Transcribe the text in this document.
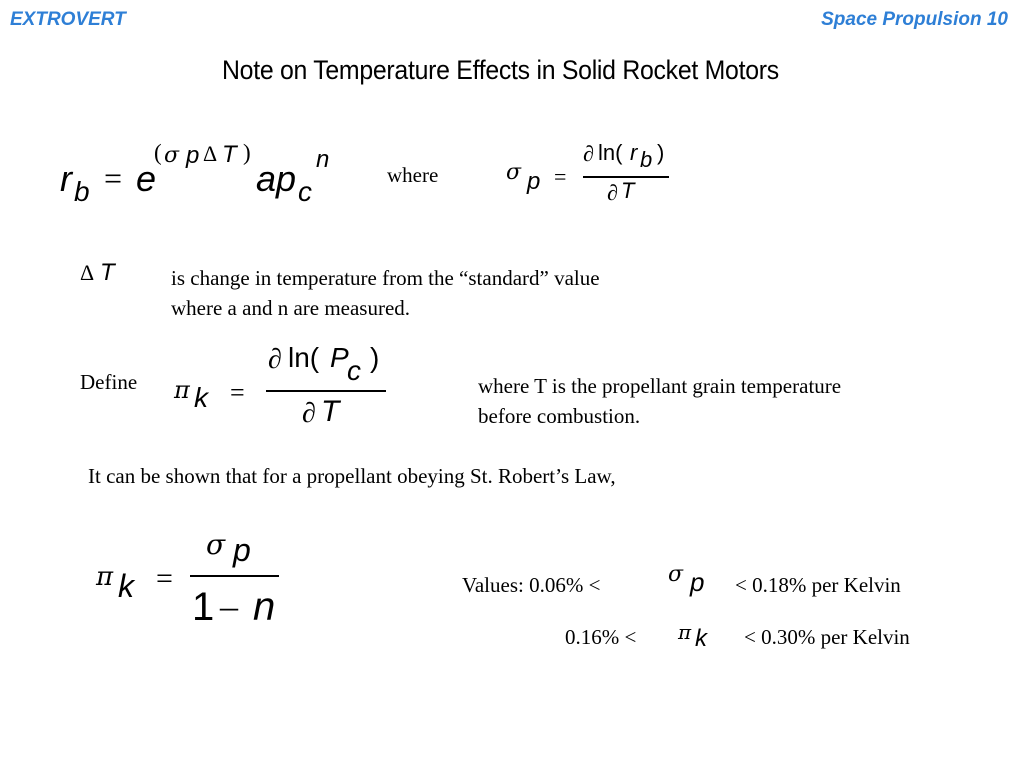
EXTROVERT	Space Propulsion 10
Note on Temperature Effects in Solid Rocket Motors
r b = e
( σ p Δ T )
ap c
n
where	σ p =
∂ ln( r b )
∂ T
Δ T	is change in temperature from the “standard” value
where a and n are measured.
Define π k =
∂ ln( P
c )
∂ T
where T is the propellant grain temperature
before combustion.
It can be shown that for a propellant obeying St. Robert’s Law,
π k =
σ p
1 – n	Values: 0.06% <	σ p < 0.18% per Kelvin
0.16% < π k < 0.30% per Kelvin
